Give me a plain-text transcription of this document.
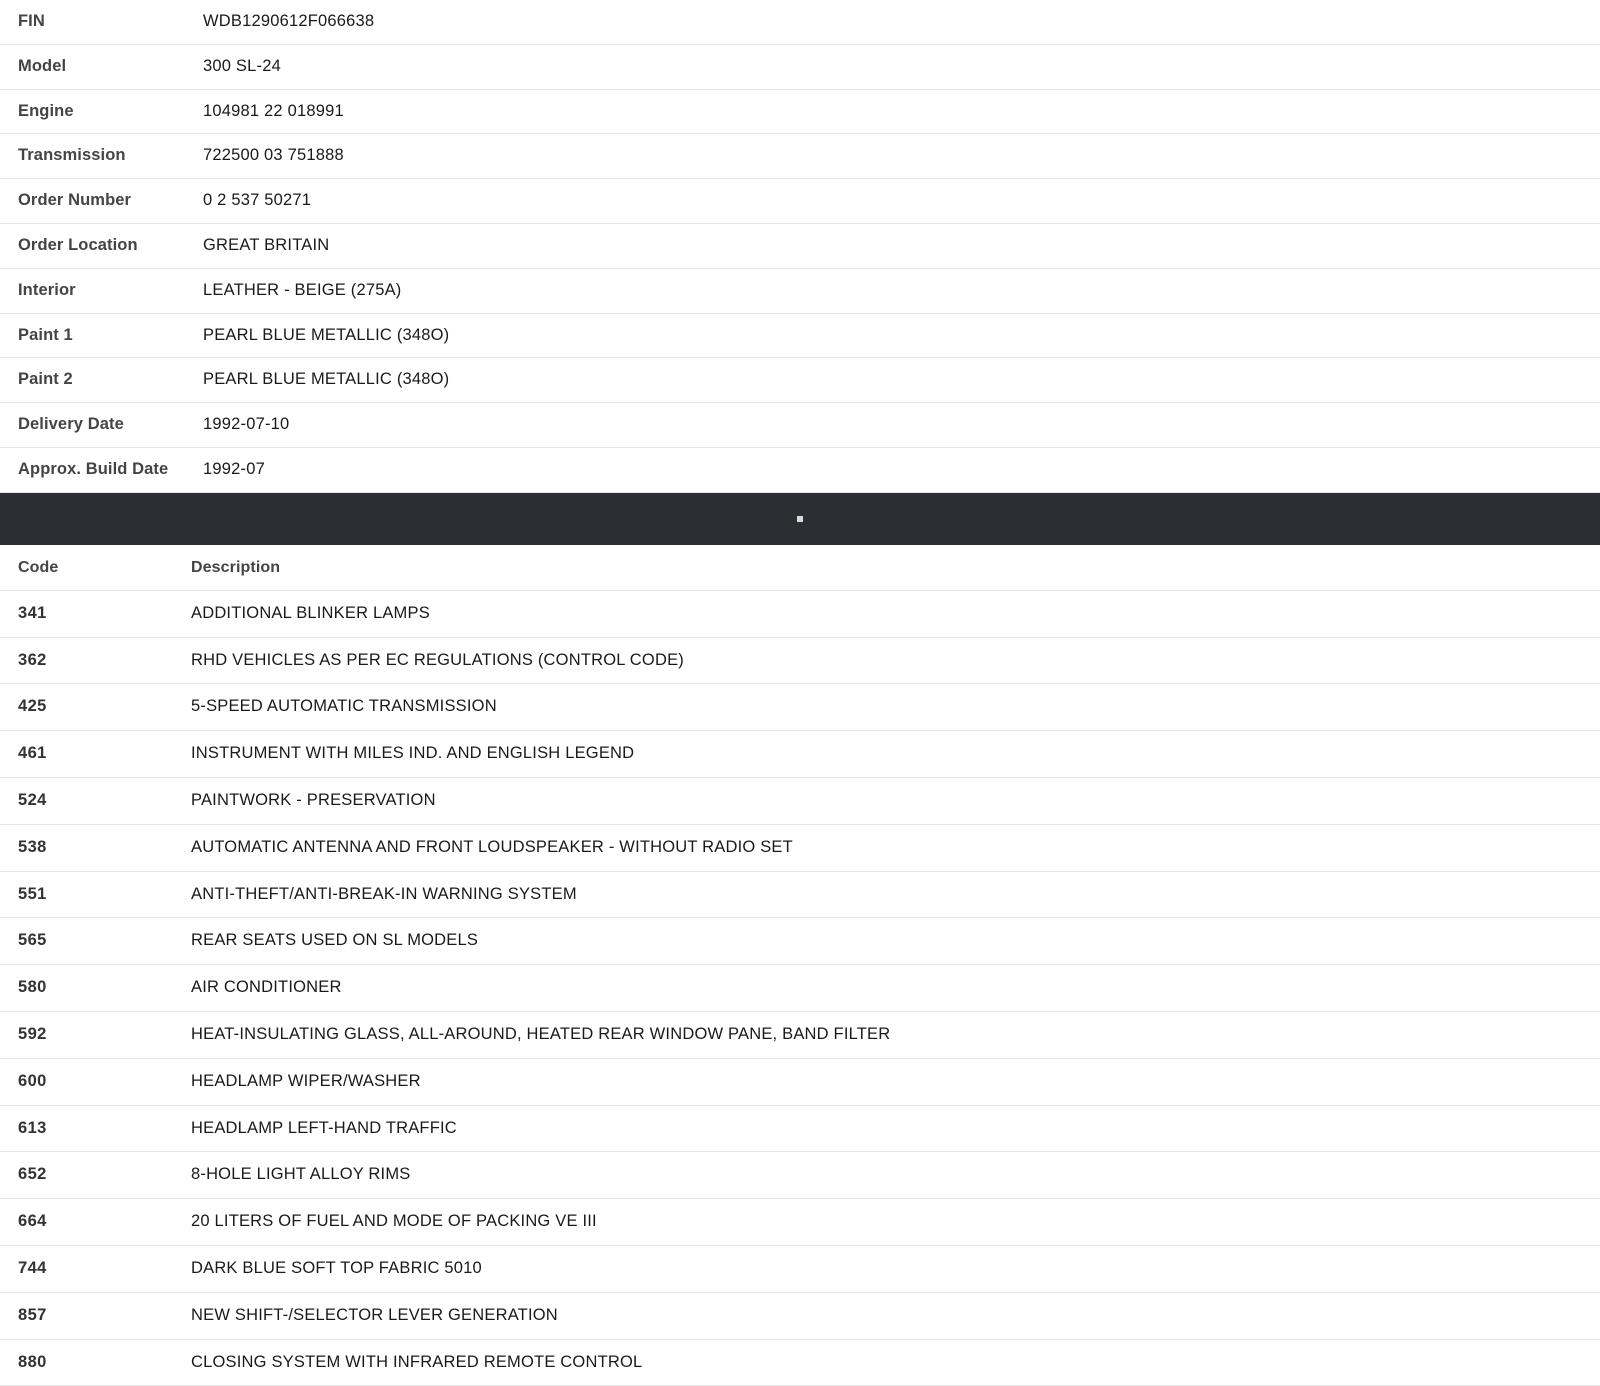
FIN	WDB1290612F066638
Model	300 SL-24
Engine	104981 22 018991
Transmission	722500 03 751888
Order Number	0 2 537 50271
Order Location	GREAT BRITAIN
Interior	LEATHER - BEIGE (275A)
Paint 1	PEARL BLUE METALLIC (348O)
Paint 2	PEARL BLUE METALLIC (348O)
Delivery Date	1992-07-10
Approx. Build Date	1992-07
Code	Description
341	ADDITIONAL BLINKER LAMPS
362	RHD VEHICLES AS PER EC REGULATIONS (CONTROL CODE)
425	5-SPEED AUTOMATIC TRANSMISSION
461	INSTRUMENT WITH MILES IND. AND ENGLISH LEGEND
524	PAINTWORK - PRESERVATION
538	AUTOMATIC ANTENNA AND FRONT LOUDSPEAKER - WITHOUT RADIO SET
551	ANTI-THEFT/ANTI-BREAK-IN WARNING SYSTEM
565	REAR SEATS USED ON SL MODELS
580	AIR CONDITIONER
592	HEAT-INSULATING GLASS, ALL-AROUND, HEATED REAR WINDOW PANE, BAND FILTER
600	HEADLAMP WIPER/WASHER
613	HEADLAMP LEFT-HAND TRAFFIC
652	8-HOLE LIGHT ALLOY RIMS
664	20 LITERS OF FUEL AND MODE OF PACKING VE III
744	DARK BLUE SOFT TOP FABRIC 5010
857	NEW SHIFT-/SELECTOR LEVER GENERATION
880	CLOSING SYSTEM WITH INFRARED REMOTE CONTROL
